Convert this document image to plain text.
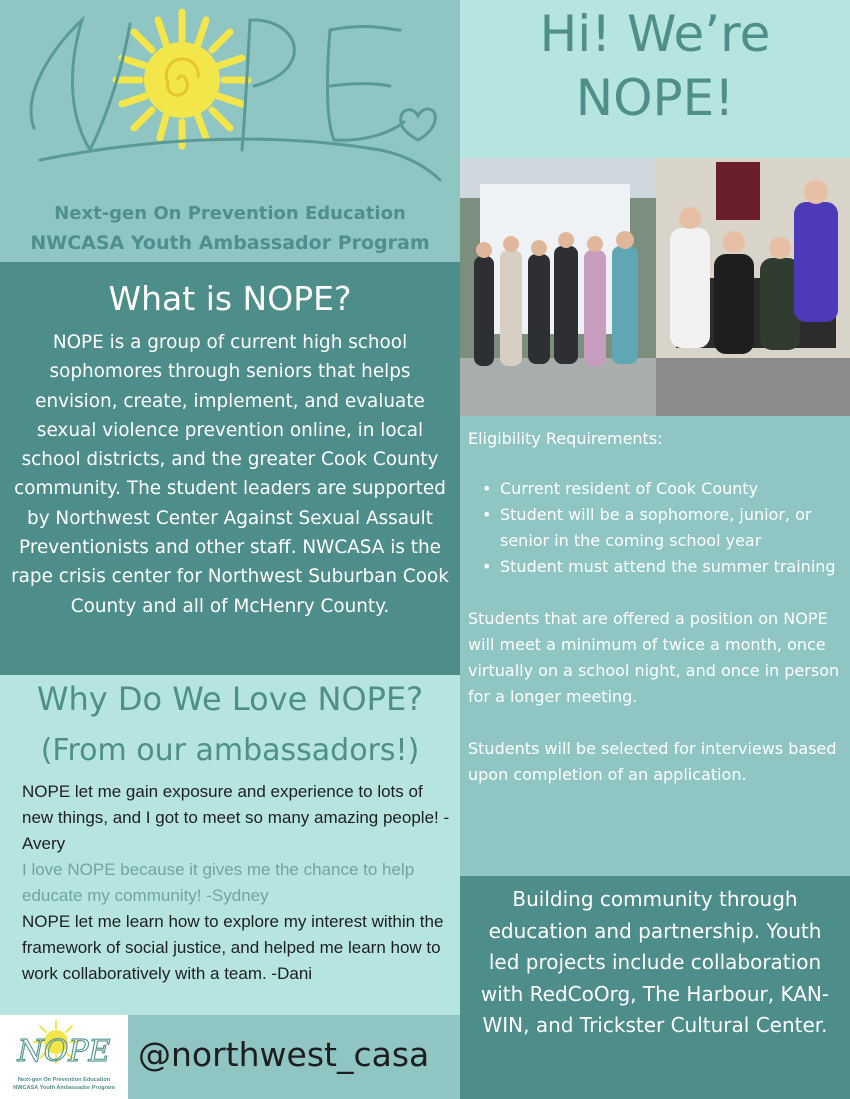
Next-gen On Prevention Education
NWCASA Youth Ambassador Program
Hi! We’re
NOPE!
What is NOPE?
NOPE is a group of current high school sophomores through seniors that helps envision, create, implement, and evaluate sexual violence prevention online, in local school districts, and the greater Cook County community. The student leaders are supported by Northwest Center Against Sexual Assault Preventionists and other staff. NWCASA is the rape crisis center for Northwest Suburban Cook County and all of McHenry County.
Eligibility Requirements:
• Current resident of Cook County
• Student will be a sophomore, junior, or senior in the coming school year
• Student must attend the summer training
Students that are offered a position on NOPE will meet a minimum of twice a month, once virtually on a school night, and once in person for a longer meeting.
Students will be selected for interviews based upon completion of an application.
Why Do We Love NOPE?
(From our ambassadors!)
NOPE let me gain exposure and experience to lots of new things, and I got to meet so many amazing people! -Avery
I love NOPE because it gives me the chance to help educate my community! -Sydney
NOPE let me learn how to explore my interest within the framework of social justice, and helped me learn how to work collaboratively with a team. -Dani
NOPE
Next-gen On Prevention Education
NWCASA Youth Ambassador Program
@northwest_casa
Building community through education and partnership. Youth led projects include collaboration with RedCoOrg, The Harbour, KAN-WIN, and Trickster Cultural Center.
